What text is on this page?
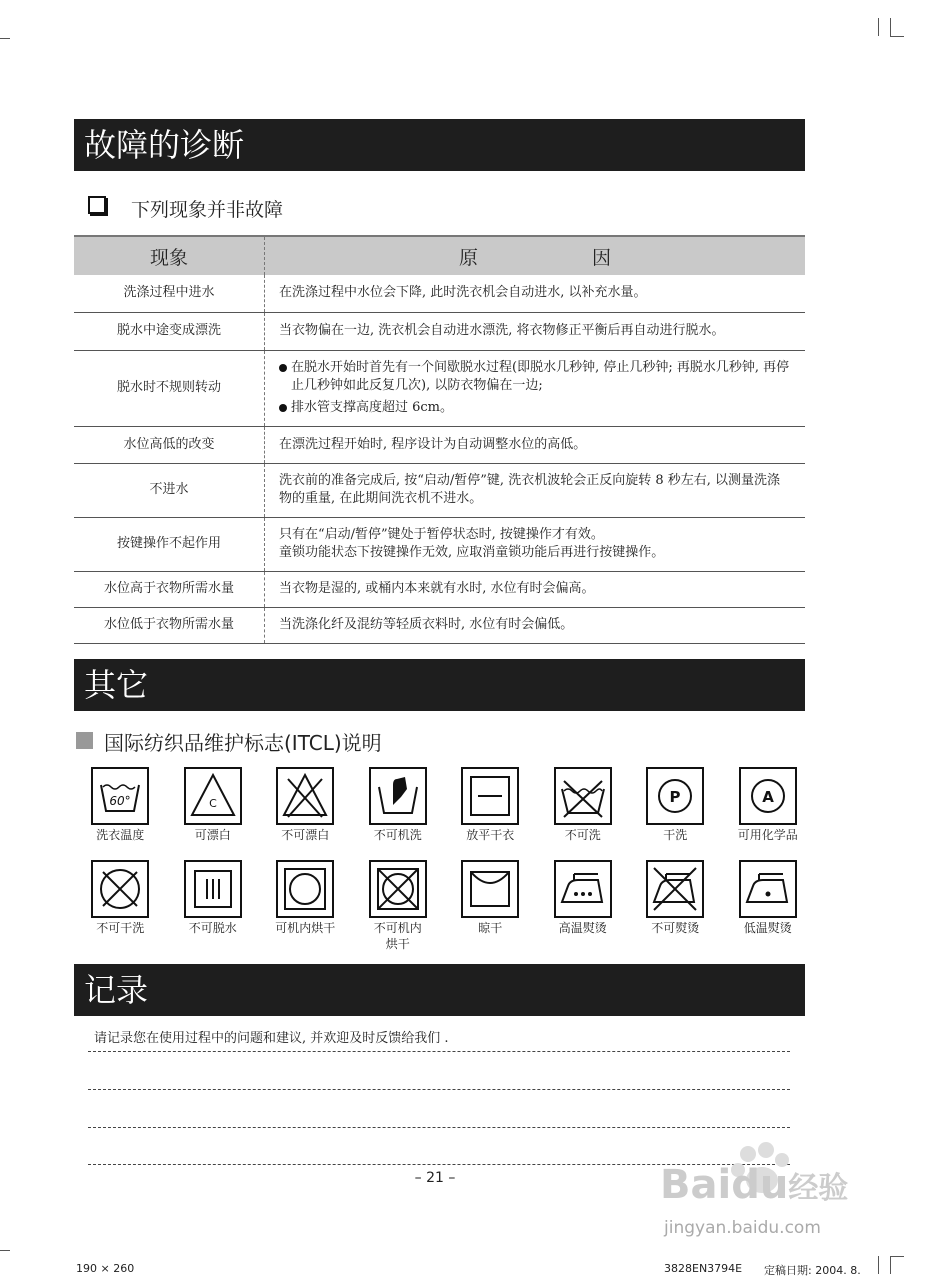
故障的诊断
下列现象并非故障
现象	原　　　　　　因
洗涤过程中进水	在洗涤过程中水位会下降, 此时洗衣机会自动进水, 以补充水量。
脱水中途变成漂洗	当衣物偏在一边, 洗衣机会自动进水漂洗, 将衣物修正平衡后再自动进行脱水。
脱水时不规则转动	在脱水开始时首先有一个间歇脱水过程(即脱水几秒钟, 停止几秒钟; 再脱水几秒钟, 再停止几秒钟如此反复几次), 以防衣物偏在一边;
排水管支撑高度超过 6cm。

水位高低的改变	在漂洗过程开始时, 程序设计为自动调整水位的高低。
不进水	洗衣前的准备完成后, 按“启动/暂停”键, 洗衣机波轮会正反向旋转 8 秒左右, 以测量洗涤物的重量, 在此期间洗衣机不进水。
按键操作不起作用	只有在“启动/暂停”键处于暂停状态时, 按键操作才有效。
童锁功能状态下按键操作无效, 应取消童锁功能后再进行按键操作。

水位高于衣物所需水量	当衣物是湿的, 或桶内本来就有水时, 水位有时会偏高。
水位低于衣物所需水量	当洗涤化纤及混纺等轻质衣料时, 水位有时会偏低。
其它
国际纺织品维护标志(ITCL)说明
60°
洗衣温度
C
可漂白	不可漂白	不可机洗	放平干衣	不可洗
P
干洗
A
可用化学品
不可干洗	不可脱水	可机内烘干	不可机内
烘干
晾干	高温熨烫	不可熨烫	低温熨烫
记录
请记录您在使用过程中的问题和建议, 并欢迎及时反馈给我们 .
– 21 –	Baidu经验
jingyan.baidu.com
190 × 260	3828EN3794E 定稿日期: 2004. 8.
